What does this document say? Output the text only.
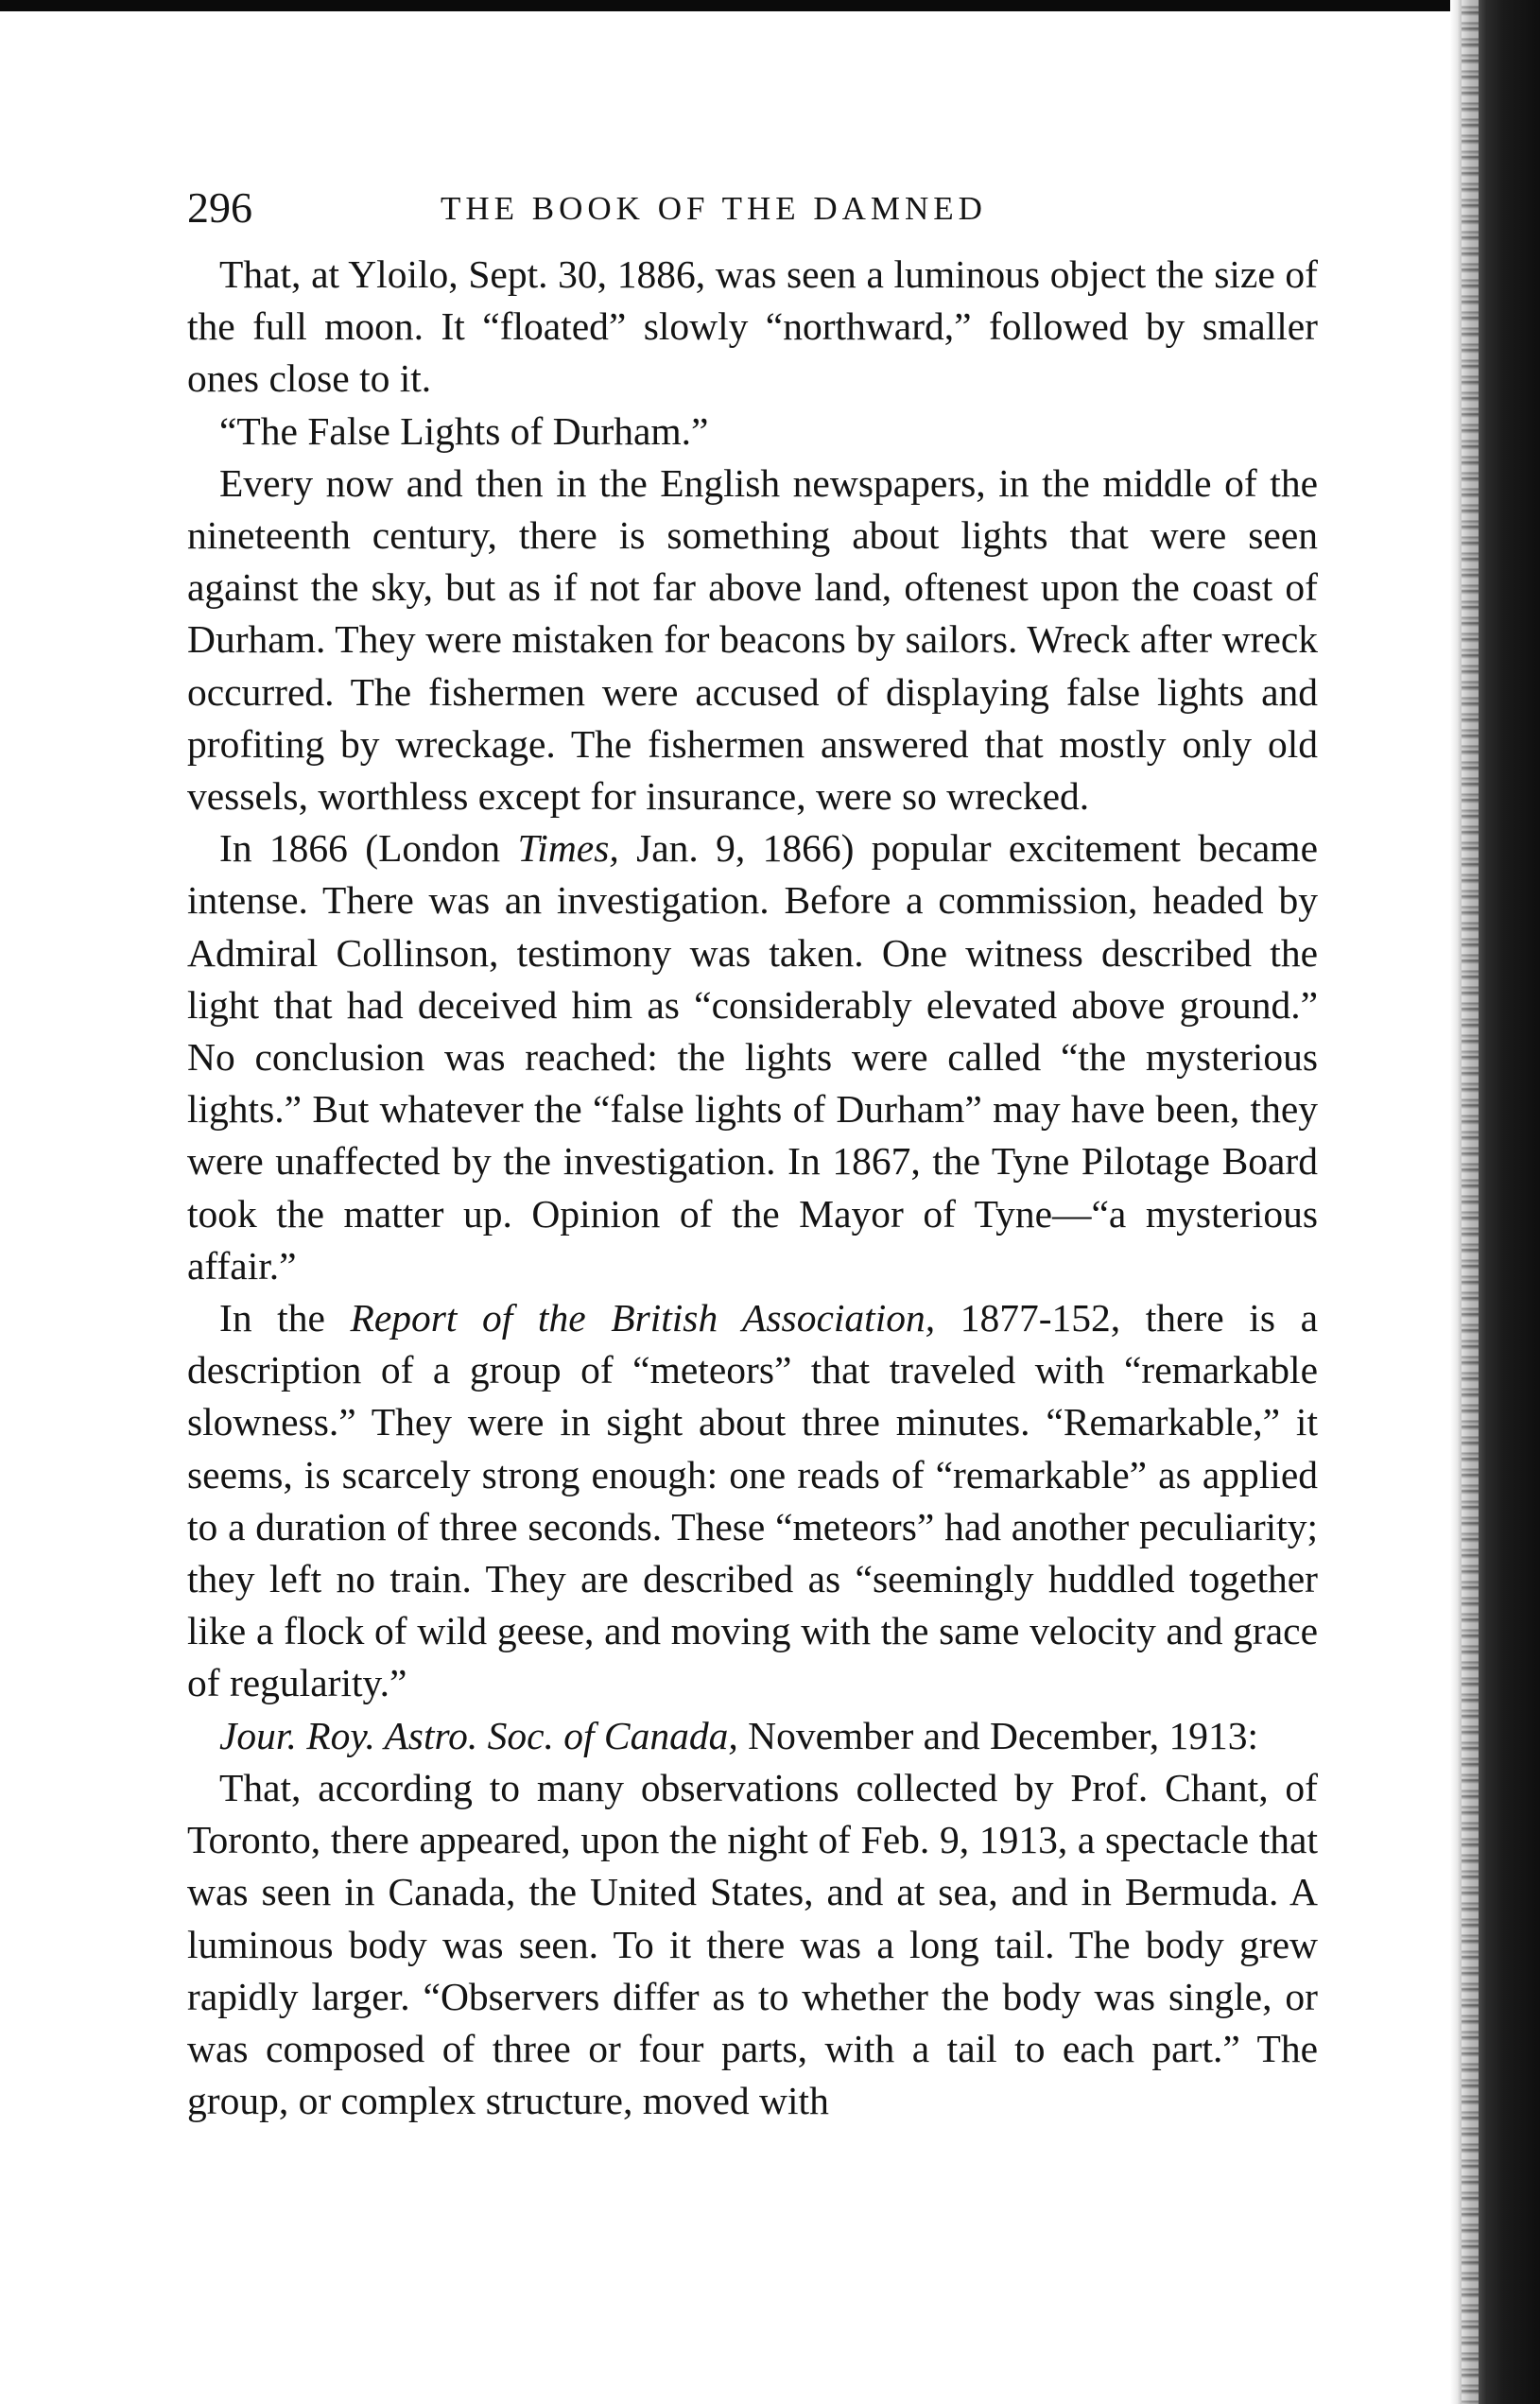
296	THE BOOK OF THE DAMNED

That, at Yloilo, Sept. 30, 1886, was seen a luminous object the size of the full moon. It “floated” slowly “northward,” followed by smaller ones close to it.

“The False Lights of Durham.”

Every now and then in the English newspapers, in the middle of the nineteenth century, there is something about lights that were seen against the sky, but as if not far above land, oftenest upon the coast of Durham. They were mistaken for beacons by sailors. Wreck after wreck occurred. The fishermen were accused of displaying false lights and profiting by wreckage. The fishermen answered that mostly only old vessels, worthless except for insurance, were so wrecked.

In 1866 (London Times, Jan. 9, 1866) popular excitement became intense. There was an investigation. Before a commission, headed by Admiral Collinson, testimony was taken. One witness described the light that had deceived him as “considerably elevated above ground.” No conclusion was reached: the lights were called “the mysterious lights.” But whatever the “false lights of Durham” may have been, they were unaffected by the investigation. In 1867, the Tyne Pilotage Board took the matter up. Opinion of the Mayor of Tyne—“a mysterious affair.”

In the Report of the British Association, 1877-152, there is a description of a group of “meteors” that traveled with “remarkable slowness.” They were in sight about three minutes. “Remarkable,” it seems, is scarcely strong enough: one reads of “remarkable” as applied to a duration of three seconds. These “meteors” had another peculiarity; they left no train. They are described as “seemingly huddled together like a flock of wild geese, and moving with the same velocity and grace of regularity.”

Jour. Roy. Astro. Soc. of Canada, November and December, 1913:

That, according to many observations collected by Prof. Chant, of Toronto, there appeared, upon the night of Feb. 9, 1913, a spectacle that was seen in Canada, the United States, and at sea, and in Bermuda. A luminous body was seen. To it there was a long tail. The body grew rapidly larger. “Observers differ as to whether the body was single, or was composed of three or four parts, with a tail to each part.” The group, or complex structure, moved with
